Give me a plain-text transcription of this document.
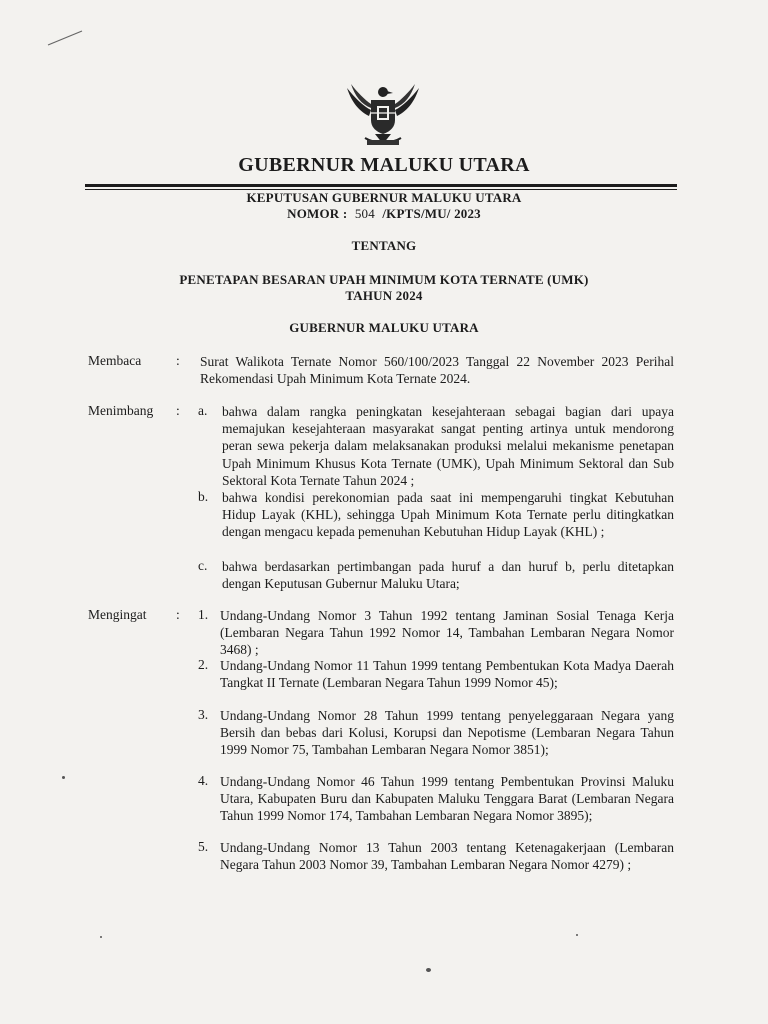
GUBERNUR MALUKU UTARA
KEPUTUSAN GUBERNUR MALUKU UTARA
NOMOR : 504 /KPTS/MU/ 2023
TENTANG
PENETAPAN BESARAN UPAH MINIMUM KOTA TERNATE (UMK)
TAHUN 2024
GUBERNUR MALUKU UTARA
Membaca	: Surat Walikota Ternate Nomor 560/100/2023 Tanggal 22 November 2023 Perihal Rekomendasi Upah Minimum Kota Ternate 2024.
Menimbang : a. bahwa dalam rangka peningkatan kesejahteraan sebagai bagian dari upaya memajukan kesejahteraan masyarakat sangat penting artinya untuk mendorong peran sewa pekerja dalam melaksanakan produksi melalui mekanisme penetapan Upah Minimum Khusus Kota Ternate (UMK), Upah Minimum Sektoral dan Sub Sektoral Kota Ternate Tahun 2024 ;
b. bahwa kondisi perekonomian pada saat ini mempengaruhi tingkat Kebutuhan Hidup Layak (KHL), sehingga Upah Minimum Kota Ternate perlu ditingkatkan dengan mengacu kepada pemenuhan Kebutuhan Hidup Layak (KHL) ;
c. bahwa berdasarkan pertimbangan pada huruf a dan huruf b, perlu ditetapkan dengan Keputusan Gubernur Maluku Utara;
Mengingat : 1. Undang-Undang Nomor 3 Tahun 1992 tentang Jaminan Sosial Tenaga Kerja (Lembaran Negara Tahun 1992 Nomor 14, Tambahan Lembaran Negara Nomor 3468) ;
2. Undang-Undang Nomor 11 Tahun 1999 tentang Pembentukan Kota Madya Daerah Tangkat II Ternate (Lembaran Negara Tahun 1999 Nomor 45);
3. Undang-Undang Nomor 28 Tahun 1999 tentang penyeleggaraan Negara yang Bersih dan bebas dari Kolusi, Korupsi dan Nepotisme (Lembaran Negara Tahun 1999 Nomor 75, Tambahan Lembaran Negara Nomor 3851);
4. Undang-Undang Nomor 46 Tahun 1999 tentang Pembentukan Provinsi Maluku Utara, Kabupaten Buru dan Kabupaten Maluku Tenggara Barat (Lembaran Negara Tahun 1999 Nomor 174, Tambahan Lembaran Negara Nomor 3895);
5. Undang-Undang Nomor 13 Tahun 2003 tentang Ketenagakerjaan (Lembaran Negara Tahun 2003 Nomor 39, Tambahan Lembaran Negara Nomor 4279) ;
